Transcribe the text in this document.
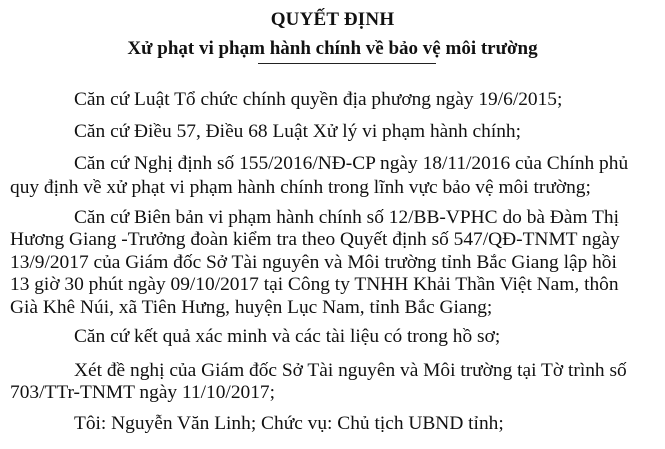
QUYẾT ĐỊNH
Xử phạt vi phạm hành chính về bảo vệ môi trường
Căn cứ Luật Tổ chức chính quyền địa phương ngày 19/6/2015;
Căn cứ Điều 57, Điều 68 Luật Xử lý vi phạm hành chính;
Căn cứ Nghị định số 155/2016/NĐ-CP ngày 18/11/2016 của Chính phủ
quy định về xử phạt vi phạm hành chính trong lĩnh vực bảo vệ môi trường;
Căn cứ Biên bản vi phạm hành chính số 12/BB-VPHC do bà Đàm Thị
Hương Giang -Trưởng đoàn kiểm tra theo Quyết định số 547/QĐ-TNMT ngày
13/9/2017 của Giám đốc Sở Tài nguyên và Môi trường tỉnh Bắc Giang lập hồi
13 giờ 30 phút ngày 09/10/2017 tại Công ty TNHH Khải Thần Việt Nam, thôn
Già Khê Núi, xã Tiên Hưng, huyện Lục Nam, tỉnh Bắc Giang;
Căn cứ kết quả xác minh và các tài liệu có trong hồ sơ;
Xét đề nghị của Giám đốc Sở Tài nguyên và Môi trường tại Tờ trình số
703/TTr-TNMT ngày 11/10/2017;
Tôi: Nguyễn Văn Linh; Chức vụ: Chủ tịch UBND tỉnh;
